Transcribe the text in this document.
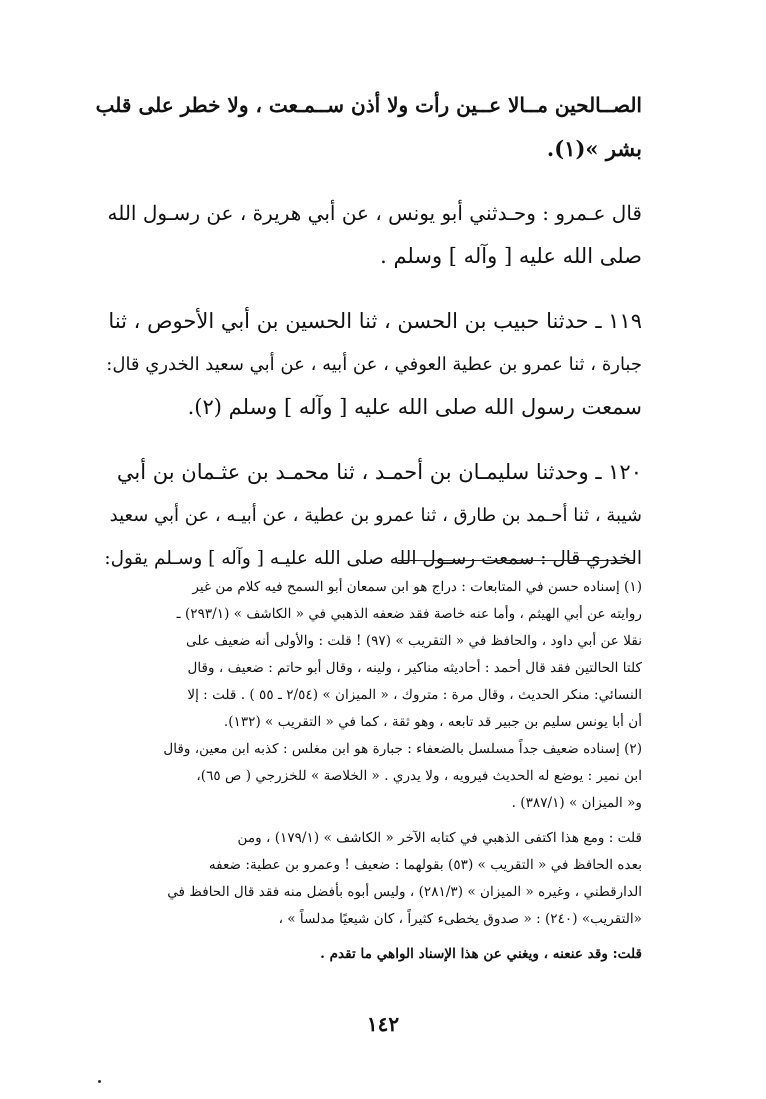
الصــالحين مــالا عــين رأت ولا أذن ســمـعت ، ولا خطر على قلب
بشر »(١).
قال عـمرو : وحـدثني أبو يونس ، عن أبي هريرة ، عن رسـول الله
صلى الله عليه [ وآله ] وسلم .
١١٩ ـ حدثنا حبيب بن الحسن ، ثنا الحسين بن أبي الأحوص ، ثنا
جبارة ، ثنا عمرو بن عطية العوفي ، عن أبيه ، عن أبي سعيد الخدري قال:
سمعت رسول الله صلى الله عليه [ وآله ] وسلم (٢).
١٢٠ ـ وحدثنا سليمـان بن أحمـد ، ثنا محمـد بن عثـمان بن أبي
شيبة ، ثنا أحـمد بن طارق ، ثنا عمرو بن عطية ، عن أبيـه ، عن أبي سعيد
الخدري قال : سمعت رسـول الله صلى الله عليـه [ وآله ] وسـلم يقول:
(١) إسناده حسن في المتابعات : دراج هو ابن سمعان أبو السمح فيه كلام من غير
روايته عن أبي الهيثم ، وأما عنه خاصة فقد ضعفه الذهبي في « الكاشف » (٢٩٣/١) ـ
نقلا عن أبي داود ، والحافظ في « التقريب » (٩٧) ! قلت : والأولى أنه ضعيف على
كلتا الحالتين فقد قال أحمد : أحاديثه مناكير ، ولينه ، وقال أبو حاتم : ضعيف ، وقال
النسائي: منكر الحديث ، وقال مرة : متروك ، « الميزان » (٢/٥٤ ـ ٥٥ ) . قلت : إلا
أن أبا يونس سليم بن جبير قد تابعه ، وهو ثقة ، كما في « التقريب » (١٣٢).
(٢) إسناده ضعيف جداً مسلسل بالضعفاء : جبارة هو ابن مغلس : كذبه ابن معين، وقال
ابن نمير : يوضع له الحديث فيرويه ، ولا يدري . « الخلاصة » للخزرجي ( ص ٦٥)،
و« الميزان » (٣٨٧/١) .
قلت : ومع هذا اكتفى الذهبي في كتابه الآخر « الكاشف » (١٧٩/١) ، ومن
بعده الحافظ في « التقريب » (٥٣) بقولهما : ضعيف ! وعمرو بن عطية: ضعفه
الدارقطني ، وغيره « الميزان » (٢٨١/٣) ، وليس أبوه بأفضل منه فقد قال الحافظ في
«التقريب» (٢٤٠) : « صدوق يخطىء كثيراً ، كان شيعيًا مدلساً » ،
قلت: وقد عنعنه ، ويغني عن هذا الإسناد الواهي ما تقدم .
١٤٢
